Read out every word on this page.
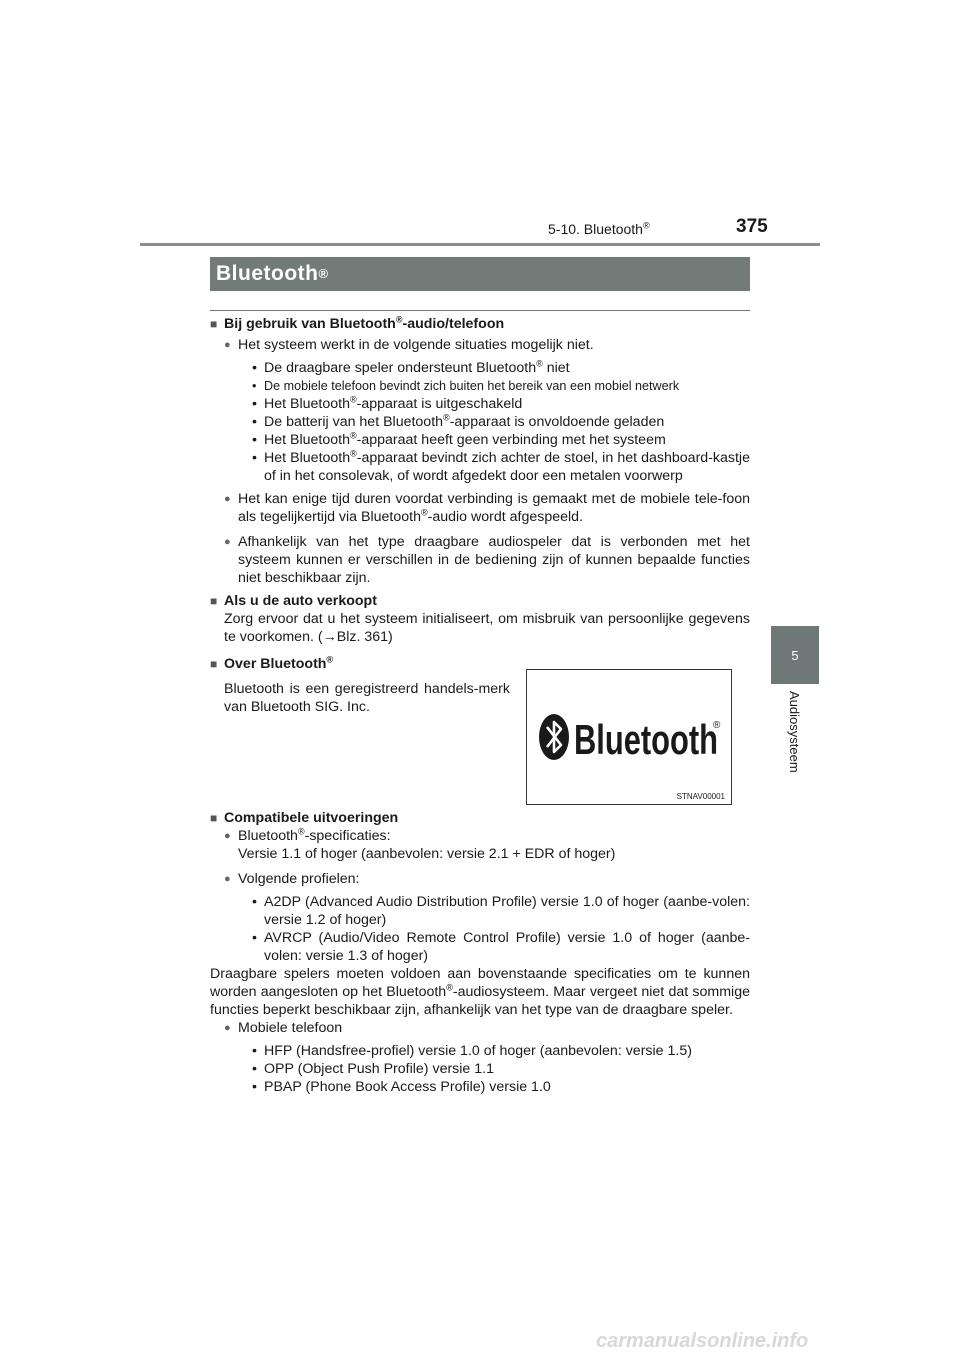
5-10. Bluetooth®	375
5
Audiosysteem
Bluetooth ®
■ Bij gebruik van Bluetooth®-audio/telefoon
● Het systeem werkt in de volgende situaties mogelijk niet.
• De draagbare speler ondersteunt Bluetooth® niet
• De mobiele telefoon bevindt zich buiten het bereik van een mobiel netwerk
• Het Bluetooth®-apparaat is uitgeschakeld
• De batterij van het Bluetooth®-apparaat is onvoldoende geladen
• Het Bluetooth®-apparaat heeft geen verbinding met het systeem
• Het Bluetooth®-apparaat bevindt zich achter de stoel, in het dashboard-kastje of in het consolevak, of wordt afgedekt door een metalen voorwerp
● Het kan enige tijd duren voordat verbinding is gemaakt met de mobiele tele-foon als tegelijkertijd via Bluetooth®-audio wordt afgespeeld.
● Afhankelijk van het type draagbare audiospeler dat is verbonden met het systeem kunnen er verschillen in de bediening zijn of kunnen bepaalde functies niet beschikbaar zijn.
■ Als u de auto verkoopt
Zorg ervoor dat u het systeem initialiseert, om misbruik van persoonlijke gegevens te voorkomen. (→Blz. 361)
■ Over Bluetooth®
Bluetooth is een geregistreerd handels-merk van Bluetooth SIG. Inc.
Bluetooth
®
STNAV00001
■ Compatibele uitvoeringen
● Bluetooth®-specificaties:
Versie 1.1 of hoger (aanbevolen: versie 2.1 + EDR of hoger)
● Volgende profielen:
• A2DP (Advanced Audio Distribution Profile) versie 1.0 of hoger (aanbe-volen: versie 1.2 of hoger)
• AVRCP (Audio/Video Remote Control Profile) versie 1.0 of hoger (aanbe-volen: versie 1.3 of hoger)
Draagbare spelers moeten voldoen aan bovenstaande specificaties om te kunnen worden aangesloten op het Bluetooth®-audiosysteem. Maar vergeet niet dat sommige functies beperkt beschikbaar zijn, afhankelijk van het type van de draagbare speler.
● Mobiele telefoon
• HFP (Handsfree-profiel) versie 1.0 of hoger (aanbevolen: versie 1.5)
• OPP (Object Push Profile) versie 1.1
• PBAP (Phone Book Access Profile) versie 1.0
carmanualsonline.info
